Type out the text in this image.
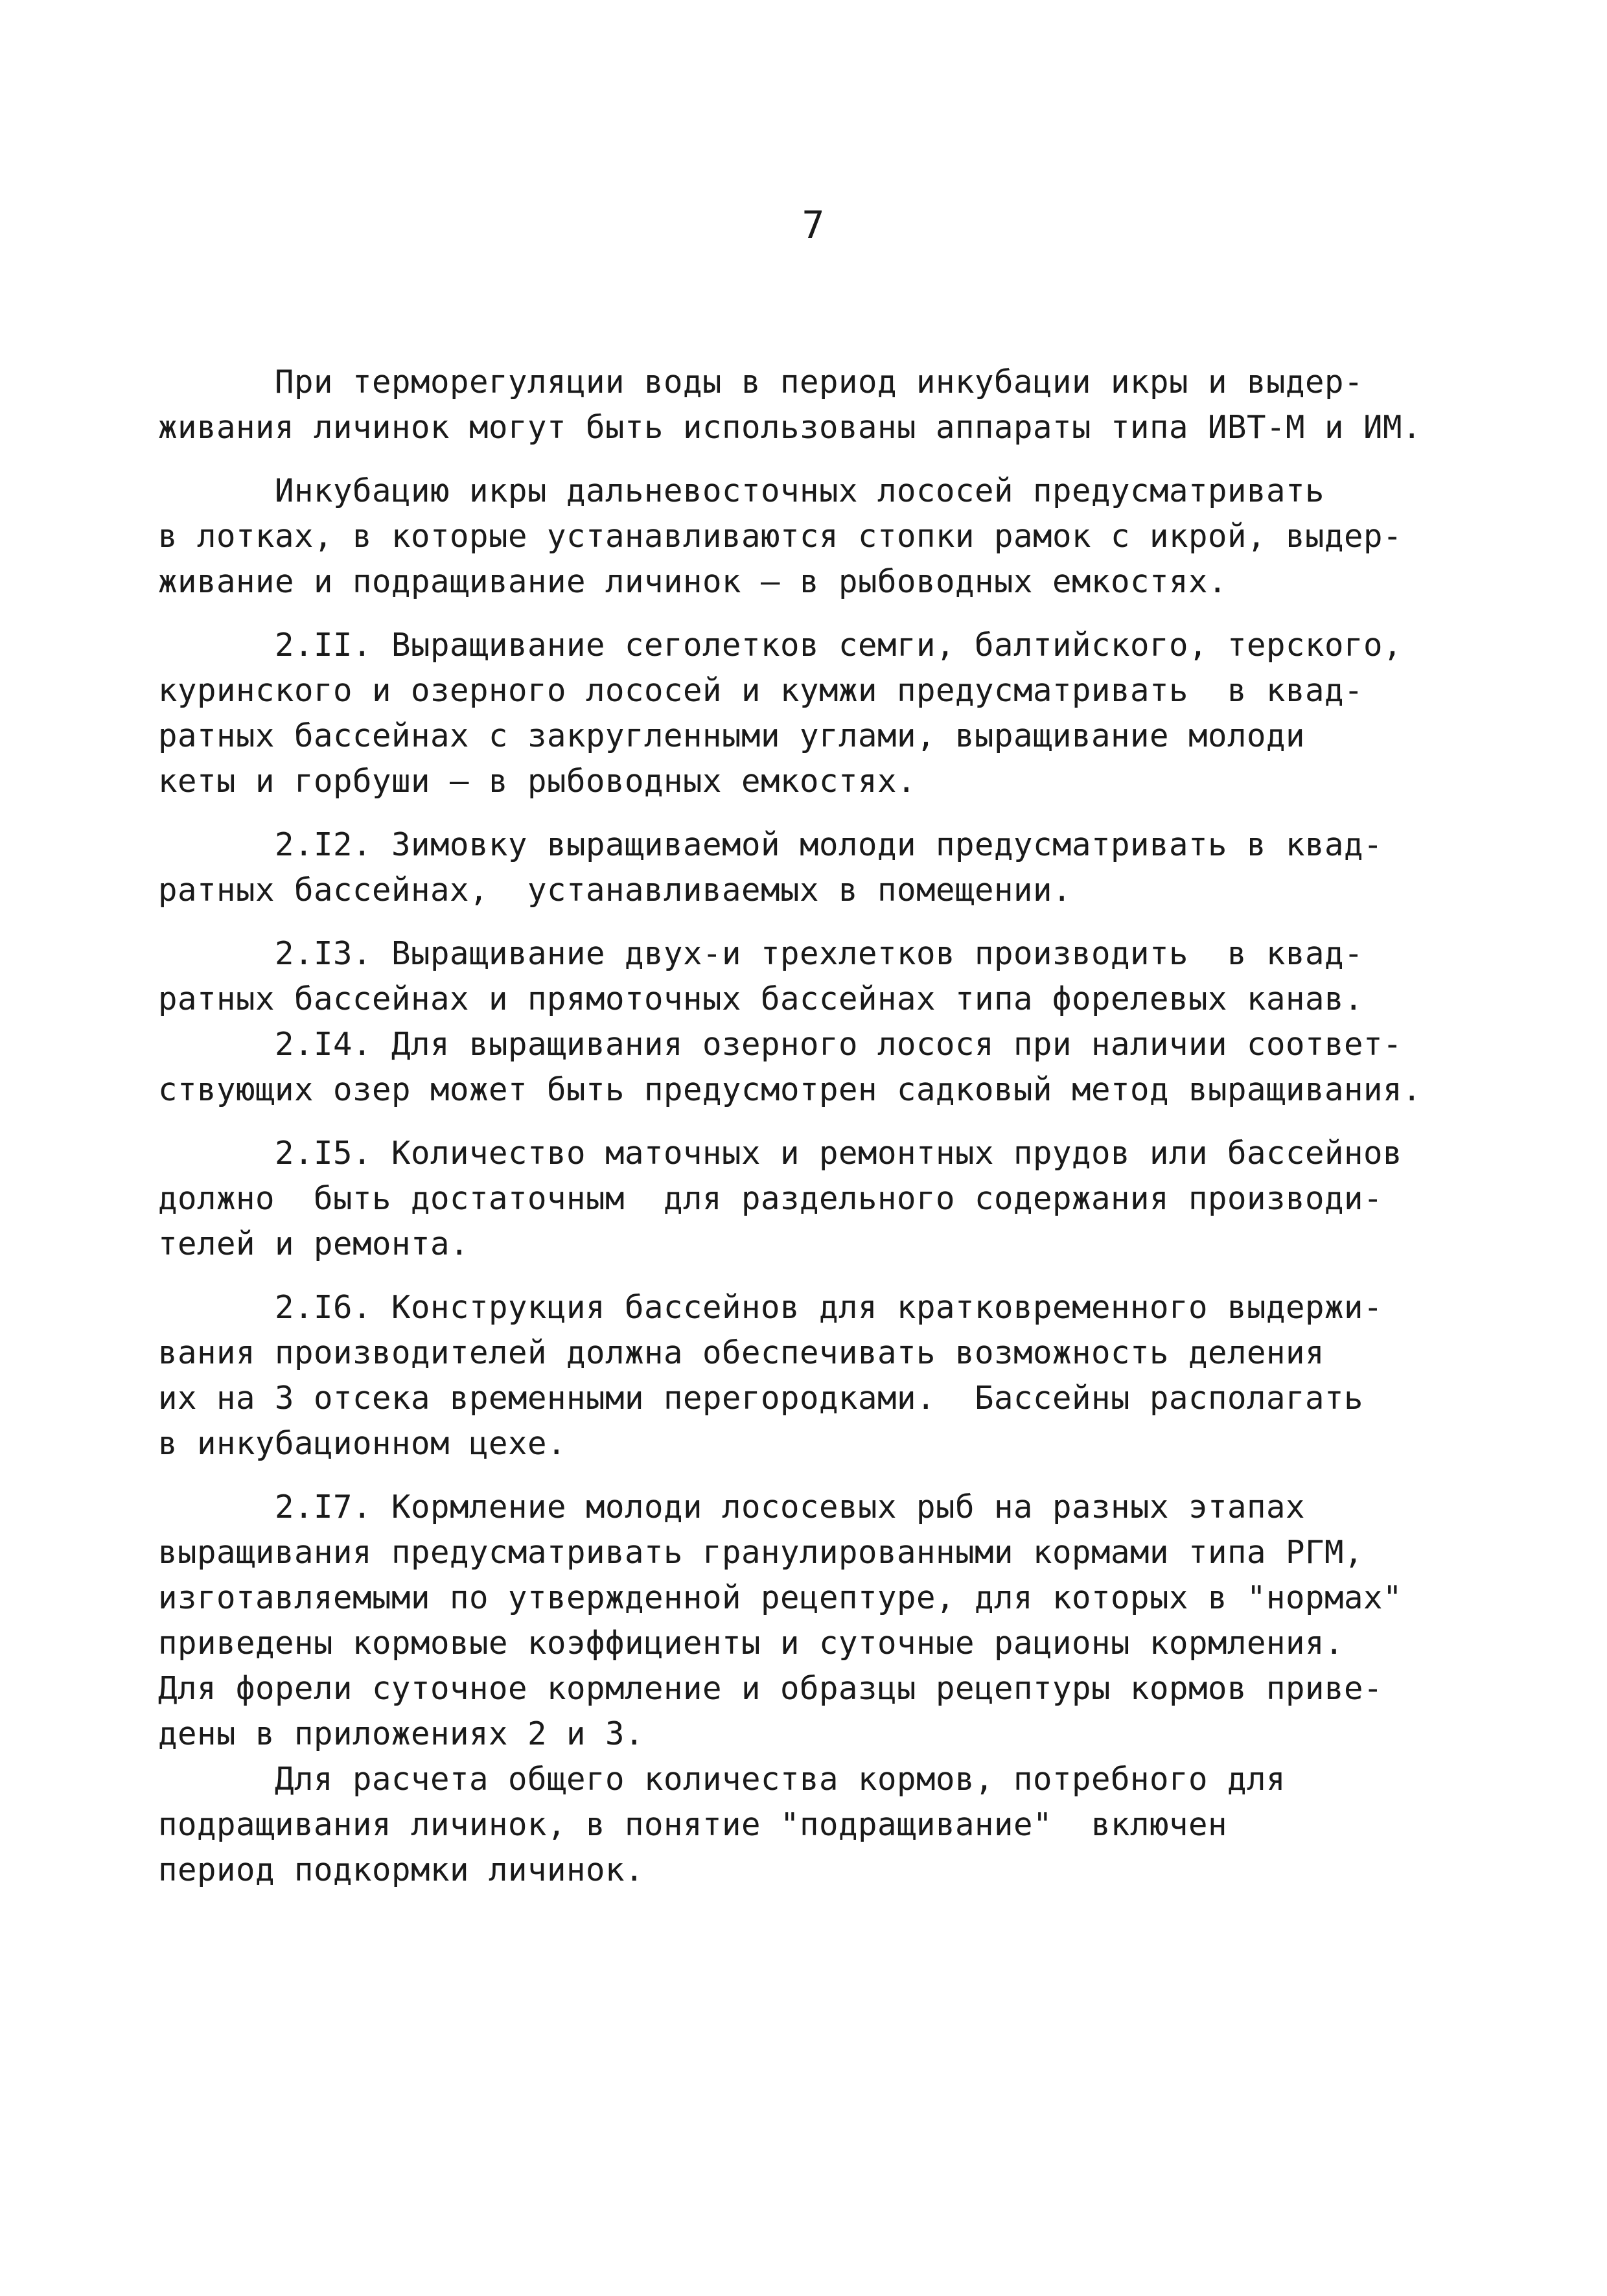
7

При терморегуляции воды в период инкубации икры и выдер-
живания личинок могут быть использованы аппараты типа ИВТ-М и ИМ.

Инкубацию икры дальневосточных лососей предусматривать
в лотках, в которые устанавливаются стопки рамок с икрой, выдер-
живание и подращивание личинок – в рыбоводных емкостях.

2.II. Выращивание сеголетков семги, балтийского, терского,
куринского и озерного лососей и кумжи предусматривать  в квад-
ратных бассейнах с закругленными углами, выращивание молоди
кеты и горбуши – в рыбоводных емкостях.

2.I2. Зимовку выращиваемой молоди предусматривать в квад-
ратных бассейнах,  устанавливаемых в помещении.

2.I3. Выращивание двух-и трехлетков производить  в квад-
ратных бассейнах и прямоточных бассейнах типа форелевых канав.

2.I4. Для выращивания озерного лосося при наличии соответ-
ствующих озер может быть предусмотрен садковый метод выращивания.

2.I5. Количество маточных и ремонтных прудов или бассейнов
должно  быть достаточным  для раздельного содержания производи-
телей и ремонта.

2.I6. Конструкция бассейнов для кратковременного выдержи-
вания производителей должна обеспечивать возможность деления
их на 3 отсека временными перегородками.  Бассейны располагать
в инкубационном цехе.

2.I7. Кормление молоди лососевых рыб на разных этапах
выращивания предусматривать гранулированными кормами типа РГМ,
изготавляемыми по утвержденной рецептуре, для которых в "нормах"
приведены кормовые коэффициенты и суточные рационы кормления.
Для форели суточное кормление и образцы рецептуры кормов приве-
дены в приложениях 2 и 3.

Для расчета общего количества кормов, потребного для
подращивания личинок, в понятие "подращивание"  включен
период подкормки личинок.
